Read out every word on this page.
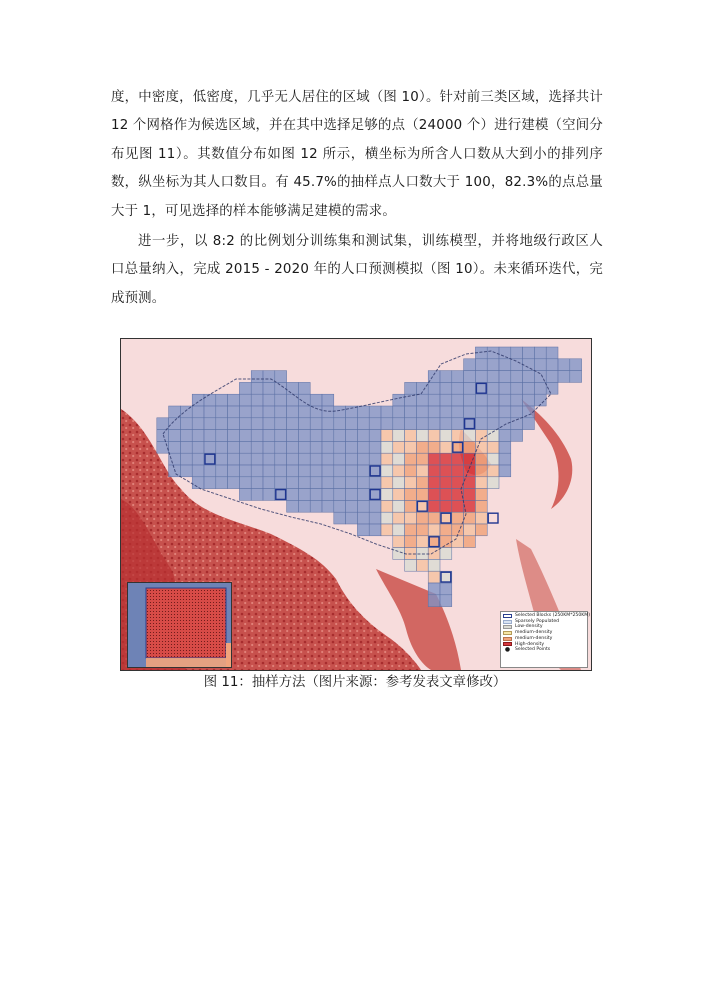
度，中密度，低密度，几乎无人居住的区域（图 10）。针对前三类区域，选择共计 12 个网格作为候选区域，并在其中选择足够的点（24000 个）进行建模（空间分布见图 11）。其数值分布如图 12 所示，横坐标为所含人口数从大到小的排列序数，纵坐标为其人口数目。有 45.7%的抽样点人口数大于 100，82.3%的点总量大于 1，可见选择的样本能够满足建模的需求。

进一步，以 8:2 的比例划分训练集和测试集，训练模型，并将地级行政区人口总量纳入，完成 2015 - 2020 年的人口预测模拟（图 10）。未来循环迭代，完成预测。

Selected Blocks (250KM*250KM)
Sparsely Populated
Low-density
medium-density
medium-density
High-density
●	Selected Points
图 11：抽样方法（图片来源：参考发表文章修改）
